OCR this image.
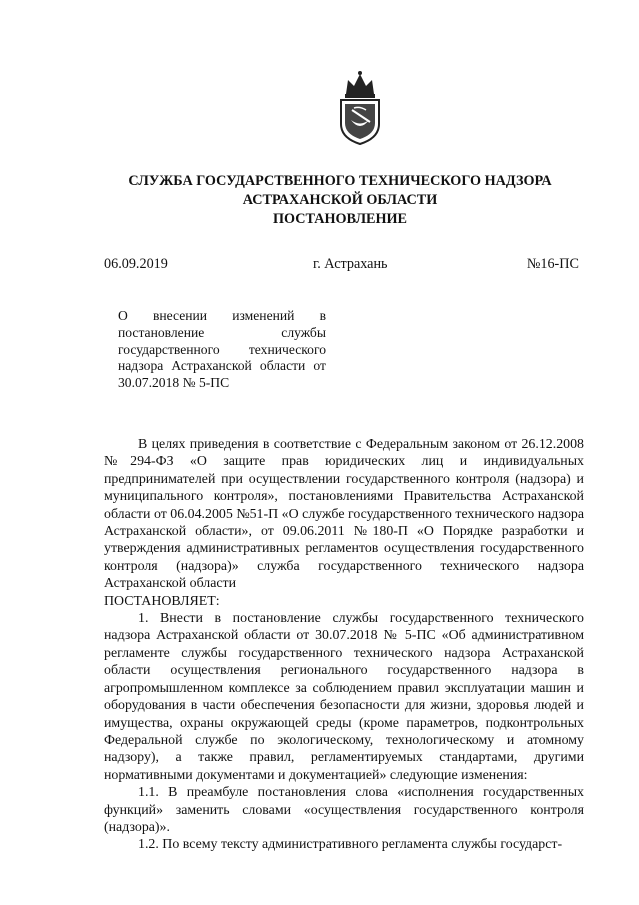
СЛУЖБА ГОСУДАРСТВЕННОГО ТЕХНИЧЕСКОГО НАДЗОРА
АСТРАХАНСКОЙ ОБЛАСТИ
ПОСТАНОВЛЕНИЕ
06.09.2019	г. Астрахань	№16-ПС
О внесении изменений в постановление службы государственного технического надзора Астраханской области от 30.07.2018 № 5-ПС

В целях приведения в соответствие с Федеральным законом от 26.12.2008 №294-ФЗ «О защите прав юридических лиц и индивидуальных предпринимателей при осуществлении государственного контроля (надзора) и муниципального контроля», постановлениями Правительства Астраханской области от 06.04.2005 №51-П «О службе государственного технического надзора Астраханской области», от 09.06.2011 №180-П «О Порядке разработки и утверждения административных регламентов осуществления государственного контроля (надзора)» служба государственного технического надзора Астраханской области

ПОСТАНОВЛЯЕТ:

1. Внести в постановление службы государственного технического надзора Астраханской области от 30.07.2018 № 5-ПС «Об административном регламенте службы государственного технического надзора Астраханской области осуществления регионального государственного надзора в агропромышленном комплексе за соблюдением правил эксплуатации машин и оборудования в части обеспечения безопасности для жизни, здоровья людей и имущества, охраны окружающей среды (кроме параметров, подконтрольных Федеральной службе по экологическому, технологическому и атомному надзору), а также правил, регламентируемых стандартами, другими нормативными документами и документацией» следующие изменения:

1.1. В преамбуле постановления слова «исполнения государственных функций» заменить словами «осуществления государственного контроля (надзора)».

1.2. По всему тексту административного регламента службы государст-
